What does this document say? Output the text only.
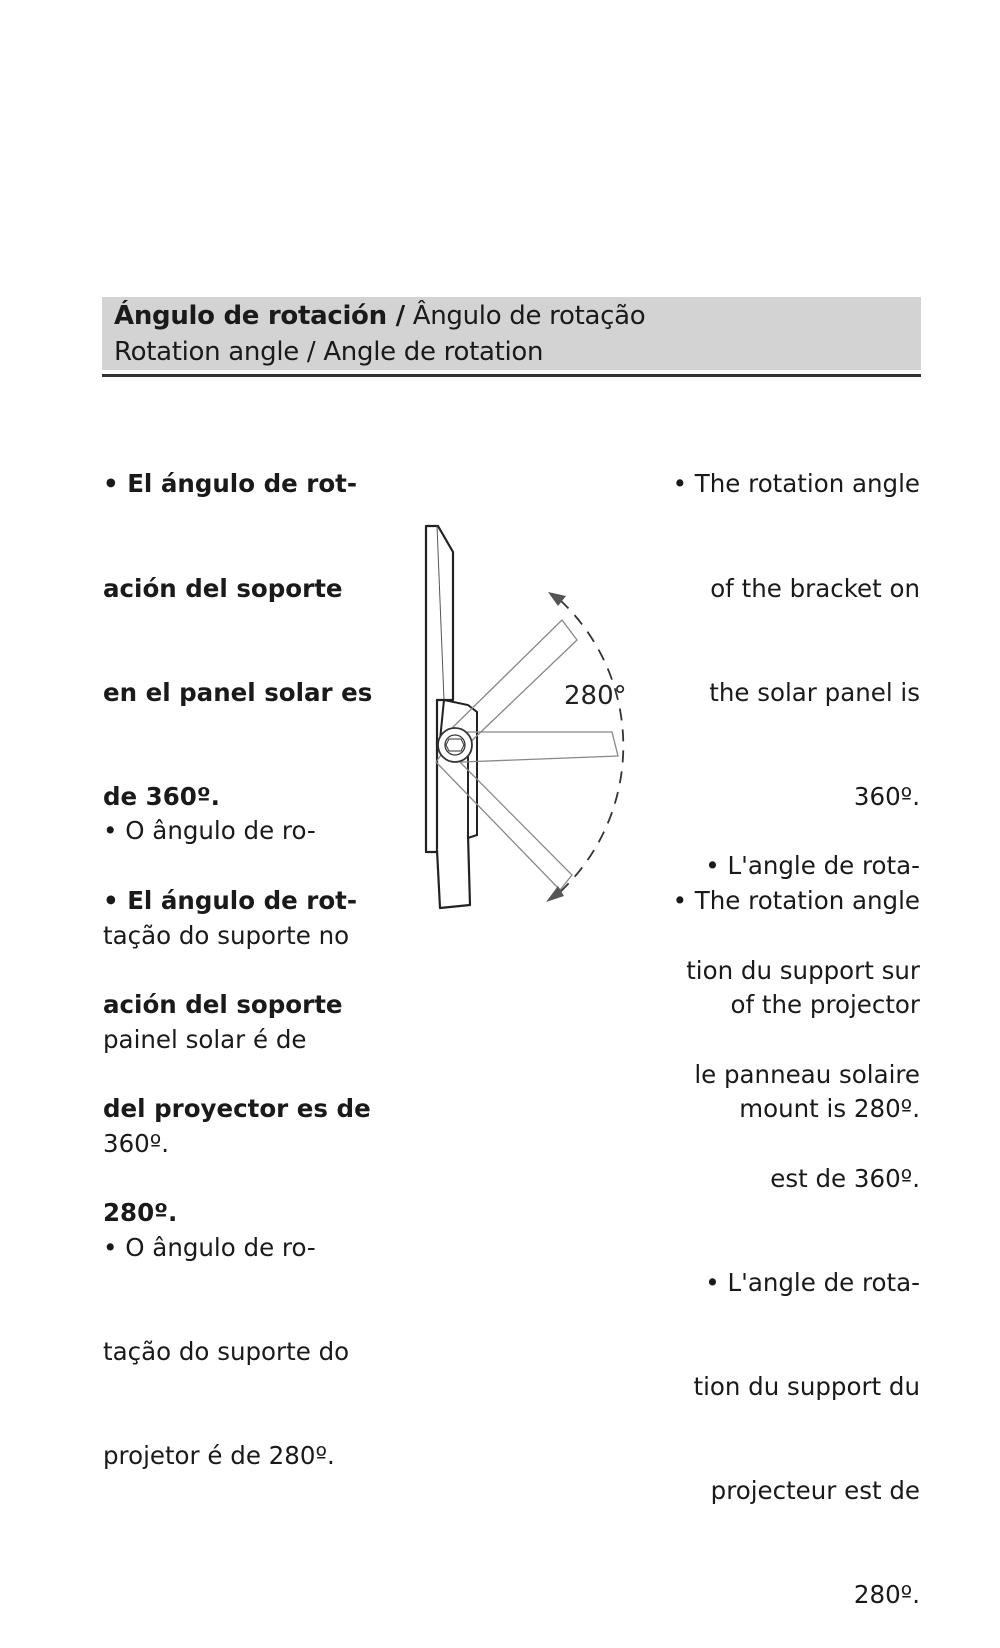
Ángulo de rotación / Ângulo de rotação
Rotation angle / Angle de rotation

• El ángulo de rot-

ación del soporte

en el panel solar es

de 360º.

• El ángulo de rot-

ación del soporte

del proyector es de

280º.

• O ângulo de ro-

tação do suporte no

painel solar é de

360º.

• O ângulo de ro-

tação do suporte do

projetor é de 280º.

• The rotation angle

of the bracket on

the solar panel is

360º.

• The rotation angle

of the projector

mount is 280º.

• L'angle de rota-

tion du support sur

le panneau solaire

est de 360º.

• L'angle de rota-

tion du support du

projecteur est de

280º.

280°
